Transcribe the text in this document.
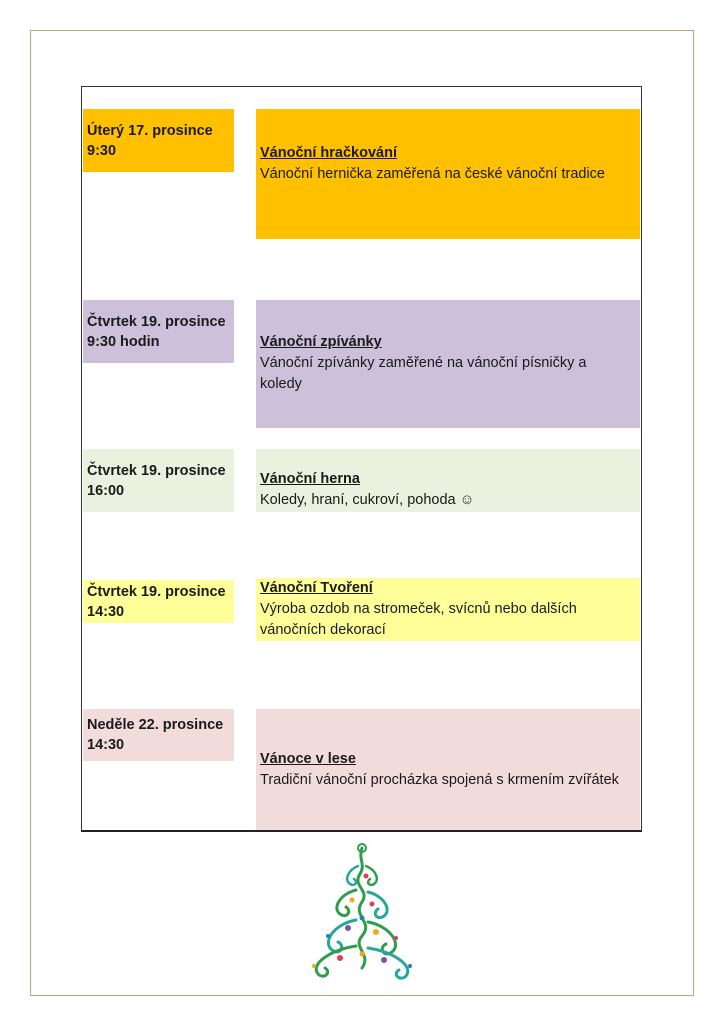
Úterý 17. prosince
9:30	Vánoční hračkování
Vánoční hernička zaměřená na české vánoční tradice
Čtvrtek 19. prosince
9:30 hodin	Vánoční zpívánky
Vánoční zpívánky zaměřené na vánoční písničky a koledy
Čtvrtek 19. prosince
16:00
Vánoční herna
Koledy, hraní, cukroví, pohoda ☺
Čtvrtek 19. prosince
14:30
Vánoční Tvoření
Výroba ozdob na stromeček, svícnů nebo dalších vánočních dekorací
Neděle 22. prosince
14:30
Vánoce v lese
Tradiční vánoční procházka spojená s krmením zvířátek
